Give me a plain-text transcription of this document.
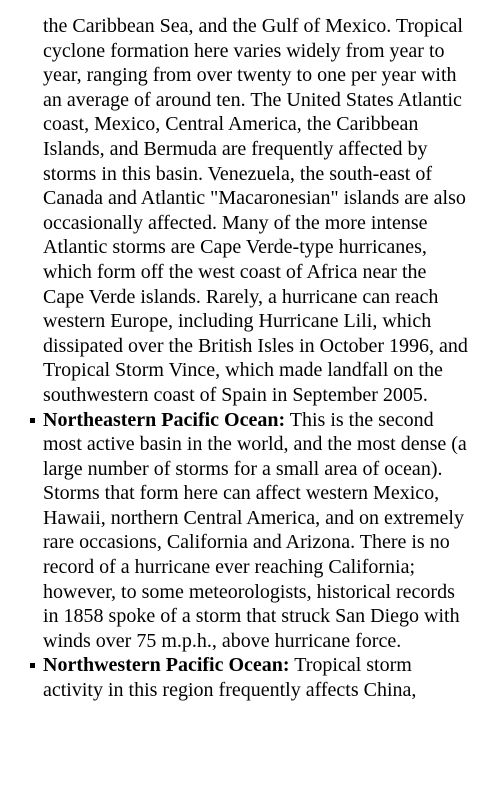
the Caribbean Sea, and the Gulf of Mexico. Tropical cyclone formation here varies widely from year to year, ranging from over twenty to one per year with an average of around ten. The United States Atlantic coast, Mexico, Central America, the Caribbean Islands, and Bermuda are frequently affected by storms in this basin. Venezuela, the south-east of Canada and Atlantic "Macaronesian" islands are also occasionally affected. Many of the more intense Atlantic storms are Cape Verde-type hurricanes, which form off the west coast of Africa near the Cape Verde islands. Rarely, a hurricane can reach western Europe, including Hurricane Lili, which dissipated over the British Isles in October 1996, and Tropical Storm Vince, which made landfall on the southwestern coast of Spain in September 2005.

Northeastern Pacific Ocean: This is the second most active basin in the world, and the most dense (a large number of storms for a small area of ocean). Storms that form here can affect western Mexico, Hawaii, northern Central America, and on extremely rare occasions, California and Arizona. There is no record of a hurricane ever reaching California; however, to some meteorologists, historical records in 1858 spoke of a storm that struck San Diego with winds over 75 m.p.h., above hurricane force.
Northwestern Pacific Ocean: Tropical storm activity in this region frequently affects China,
